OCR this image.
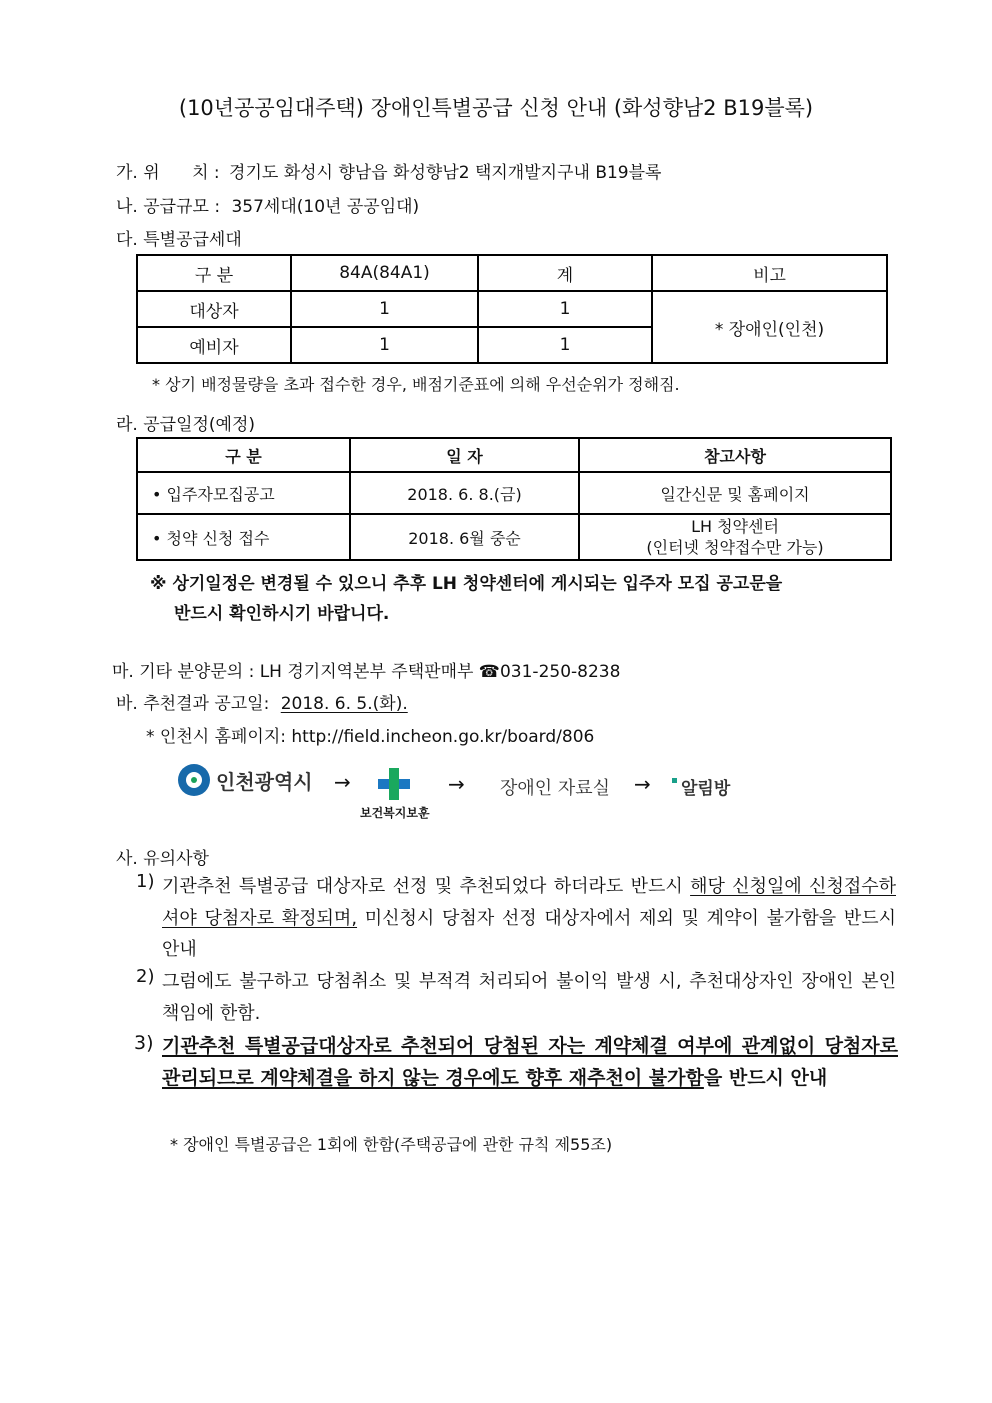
(10년공공임대주택) 장애인특별공급 신청 안내 (화성향남2 B19블록)
가. 위      치 : 경기도 화성시 향남읍 화성향남2 택지개발지구내 B19블록
나. 공급규모 : 357세대(10년 공공임대)
다. 특별공급세대
구 분	84A(84A1)	계	비고
대상자	1	1	* 장애인(인천)
예비자	1	1	
* 상기 배정물량을 초과 접수한 경우, 배점기준표에 의해 우선순위가 정해짐.
라. 공급일정(예정)
구 분	일 자	참고사항
• 입주자모집공고	2018. 6. 8.(금)	일간신문 및 홈페이지
• 청약 신청 접수	2018. 6월 중순	LH 청약센터
(인터넷 청약접수만 가능)
※ 상기일정은 변경될 수 있으니 추후 LH 청약센터에 게시되는 입주자 모집 공고문을
반드시 확인하시기 바랍니다.
마. 기타 분양문의 : LH 경기지역본부 주택판매부 ☎031-250-8238
바. 추천결과 공고일: 2018. 6. 5.(화).
* 인천시 홈페이지: http://field.incheon.go.kr/board/806
인천광역시 →
보건복지보훈
→ 장애인 자료실 →	알림방
사. 유의사항
1) 기관추천 특별공급 대상자로 선정 및 추천되었다 하더라도 반드시 해당 신청일에 신청접수하셔야 당첨자로 확정되며, 미신청시 당첨자 선정 대상자에서 제외 및 계약이 불가함을 반드시 안내
2) 그럼에도 불구하고 당첨취소 및 부적격 처리되어 불이익 발생 시, 추천대상자인 장애인 본인 책임에 한함.
3) 기관추천 특별공급대상자로 추천되어 당첨된 자는 계약체결 여부에 관계없이 당첨자로 관리되므로 계약체결을 하지 않는 경우에도 향후 재추천이 불가함을 반드시 안내
* 장애인 특별공급은 1회에 한함(주택공급에 관한 규칙 제55조)
